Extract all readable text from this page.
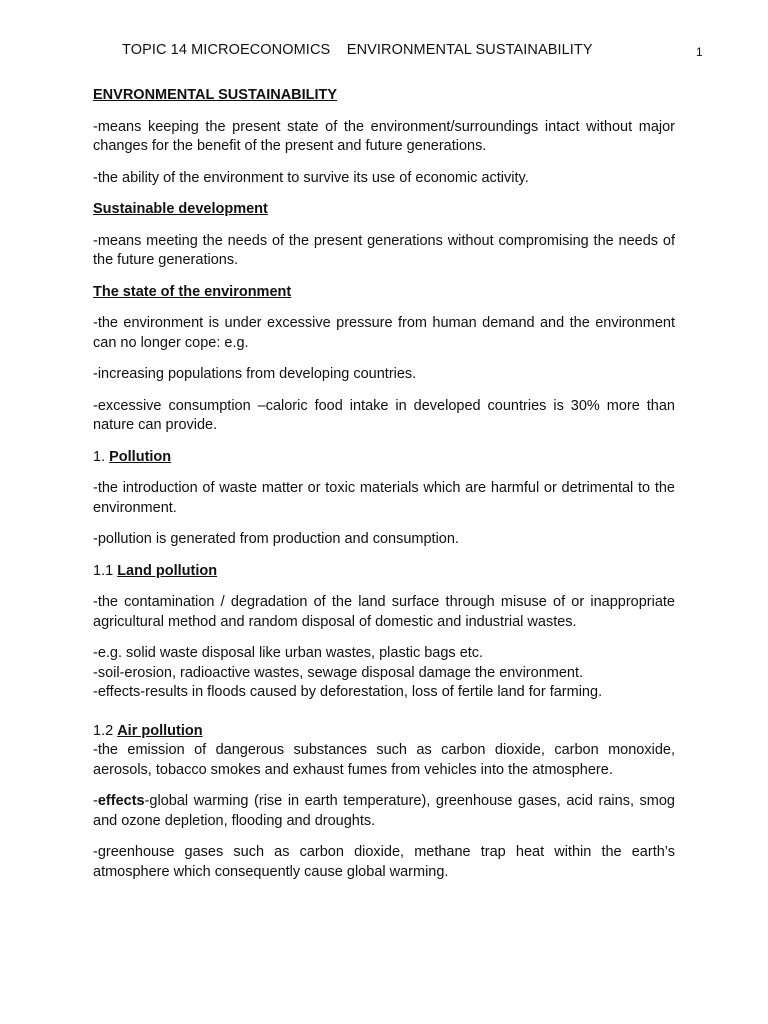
TOPIC 14 MICROECONOMICS    ENVIRONMENTAL SUSTAINABILITY	1
ENVRONMENTAL SUSTAINABILITY

-means keeping the present state of the environment/surroundings intact without major changes for the benefit of the present and future generations.

-the ability of the environment to survive its use of economic activity.

Sustainable development

-means meeting the needs of the present generations without compromising the needs of the future generations.

The state of the environment

-the environment is under excessive pressure from human demand and the environment can no longer cope: e.g.

-increasing populations from developing countries.

-excessive consumption –caloric food intake in developed countries is 30% more than nature can provide.

1. Pollution

-the introduction of waste matter or toxic materials which are harmful or detrimental to the environment.

-pollution is generated from production and consumption.

1.1 Land pollution

-the contamination / degradation of the land surface through misuse of or inappropriate agricultural method and random disposal of domestic and industrial wastes.

-e.g. solid waste disposal like urban wastes, plastic bags etc.

-soil-erosion, radioactive wastes, sewage disposal damage the environment.

-effects-results in floods caused by deforestation, loss of fertile land for farming.

1.2 Air pollution

-the emission of dangerous substances such as carbon dioxide, carbon monoxide, aerosols, tobacco smokes and exhaust fumes from vehicles into the atmosphere.

-effects-global warming (rise in earth temperature), greenhouse gases, acid rains, smog and ozone depletion, flooding and droughts.

-greenhouse gases such as carbon dioxide, methane trap heat within the earth’s atmosphere which consequently cause global warming.
